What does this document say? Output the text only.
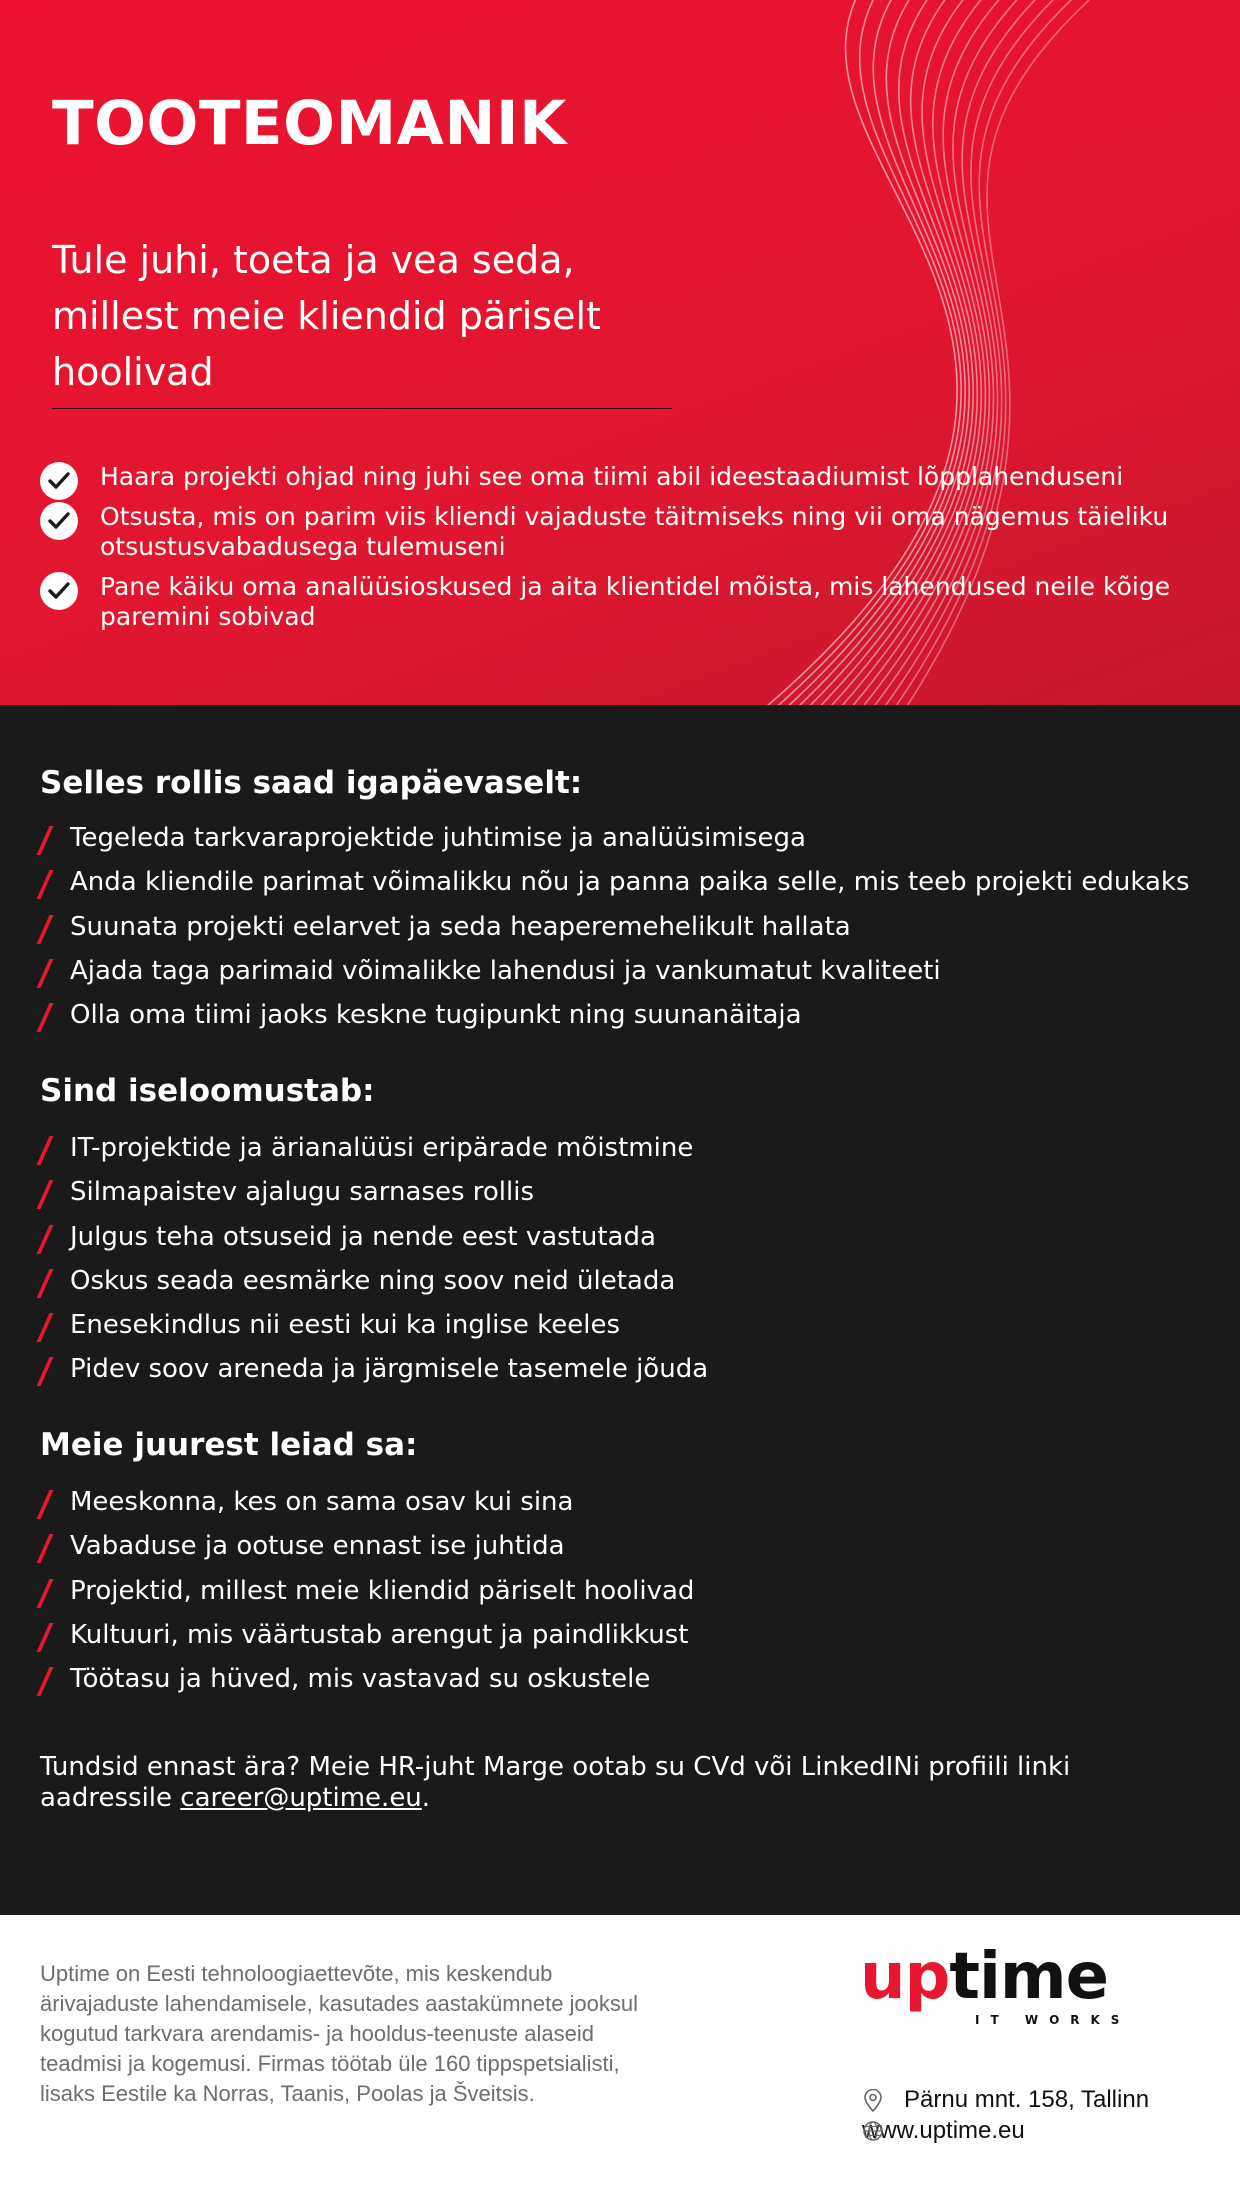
TOOTEOMANIK

Tule juhi, toeta ja vea seda, millest meie kliendid päriselt hoolivad

Haara projekti ohjad ning juhi see oma tiimi abil ideestaadiumist lõpplahenduseni
Otsusta, mis on parim viis kliendi vajaduste täitmiseks ning vii oma nägemus täieliku otsustusvabadusega tulemuseni
Pane käiku oma analüüsioskused ja aita klientidel mõista, mis lahendused neile kõige paremini sobivad
Selles rollis saad igapäevaselt:
Tegeleda tarkvaraprojektide juhtimise ja analüüsimisega
Anda kliendile parimat võimalikku nõu ja panna paika selle, mis teeb projekti edukaks
Suunata projekti eelarvet ja seda heaperemehelikult hallata
Ajada taga parimaid võimalikke lahendusi ja vankumatut kvaliteeti
Olla oma tiimi jaoks keskne tugipunkt ning suunanäitaja
Sind iseloomustab:
IT-projektide ja ärianalüüsi eripärade mõistmine
Silmapaistev ajalugu sarnases rollis
Julgus teha otsuseid ja nende eest vastutada
Oskus seada eesmärke ning soov neid ületada
Enesekindlus nii eesti kui ka inglise keeles
Pidev soov areneda ja järgmisele tasemele jõuda
Meie juurest leiad sa:
Meeskonna, kes on sama osav kui sina
Vabaduse ja ootuse ennast ise juhtida
Projektid, millest meie kliendid päriselt hoolivad
Kultuuri, mis väärtustab arengut ja paindlikkust
Töötasu ja hüved, mis vastavad su oskustele

Tundsid ennast ära? Meie HR-juht Marge ootab su CVd või LinkedINi profiili linki aadressile career@uptime.eu.

Uptime on Eesti tehnoloogiaettevõte, mis keskendub ärivajaduste lahendamisele, kasutades aastakümnete jooksul kogutud tarkvara arendamis- ja hooldus-teenuste alaseid teadmisi ja kogemusi. Firmas töötab üle 160 tippspetsialisti, lisaks Eestile ka Norras, Taanis, Poolas ja Šveitsis.

uptime
IT WORKS
Pärnu mnt. 158, Tallinn
www.uptime.eu
